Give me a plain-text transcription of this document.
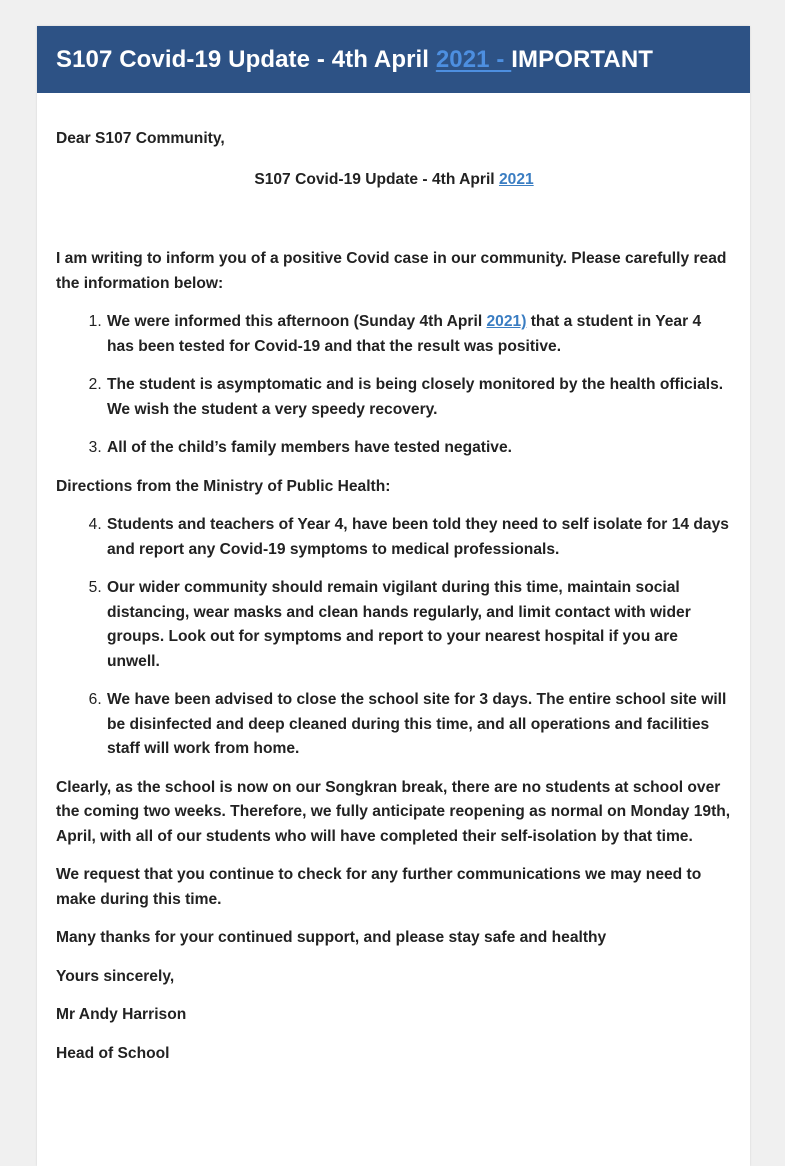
S107 Covid-19 Update - 4th April 2021 - IMPORTANT
Dear S107 Community,
S107 Covid-19 Update - 4th April 2021
I am writing to inform you of a positive Covid case in our community. Please carefully read the information below:
1. We were informed this afternoon (Sunday 4th April 2021) that a student in Year 4 has been tested for Covid-19 and that the result was positive.
2. The student is asymptomatic and is being closely monitored by the health officials. We wish the student a very speedy recovery.
3. All of the child’s family members have tested negative.
Directions from the Ministry of Public Health:
4. Students and teachers of Year 4, have been told they need to self isolate for 14 days and report any Covid-19 symptoms to medical professionals.
5. Our wider community should remain vigilant during this time, maintain social distancing, wear masks and clean hands regularly, and limit contact with wider groups. Look out for symptoms and report to your nearest hospital if you are unwell.
6. We have been advised to close the school site for 3 days. The entire school site will be disinfected and deep cleaned during this time, and all operations and facilities staff will work from home.

Clearly, as the school is now on our Songkran break, there are no students at school over the coming two weeks. Therefore, we fully anticipate reopening as normal on Monday 19th, April, with all of our students who will have completed their self-isolation by that time.

We request that you continue to check for any further communications we may need to make during this time.

Many thanks for your continued support, and please stay safe and healthy

Yours sincerely,

Mr Andy Harrison

Head of School
